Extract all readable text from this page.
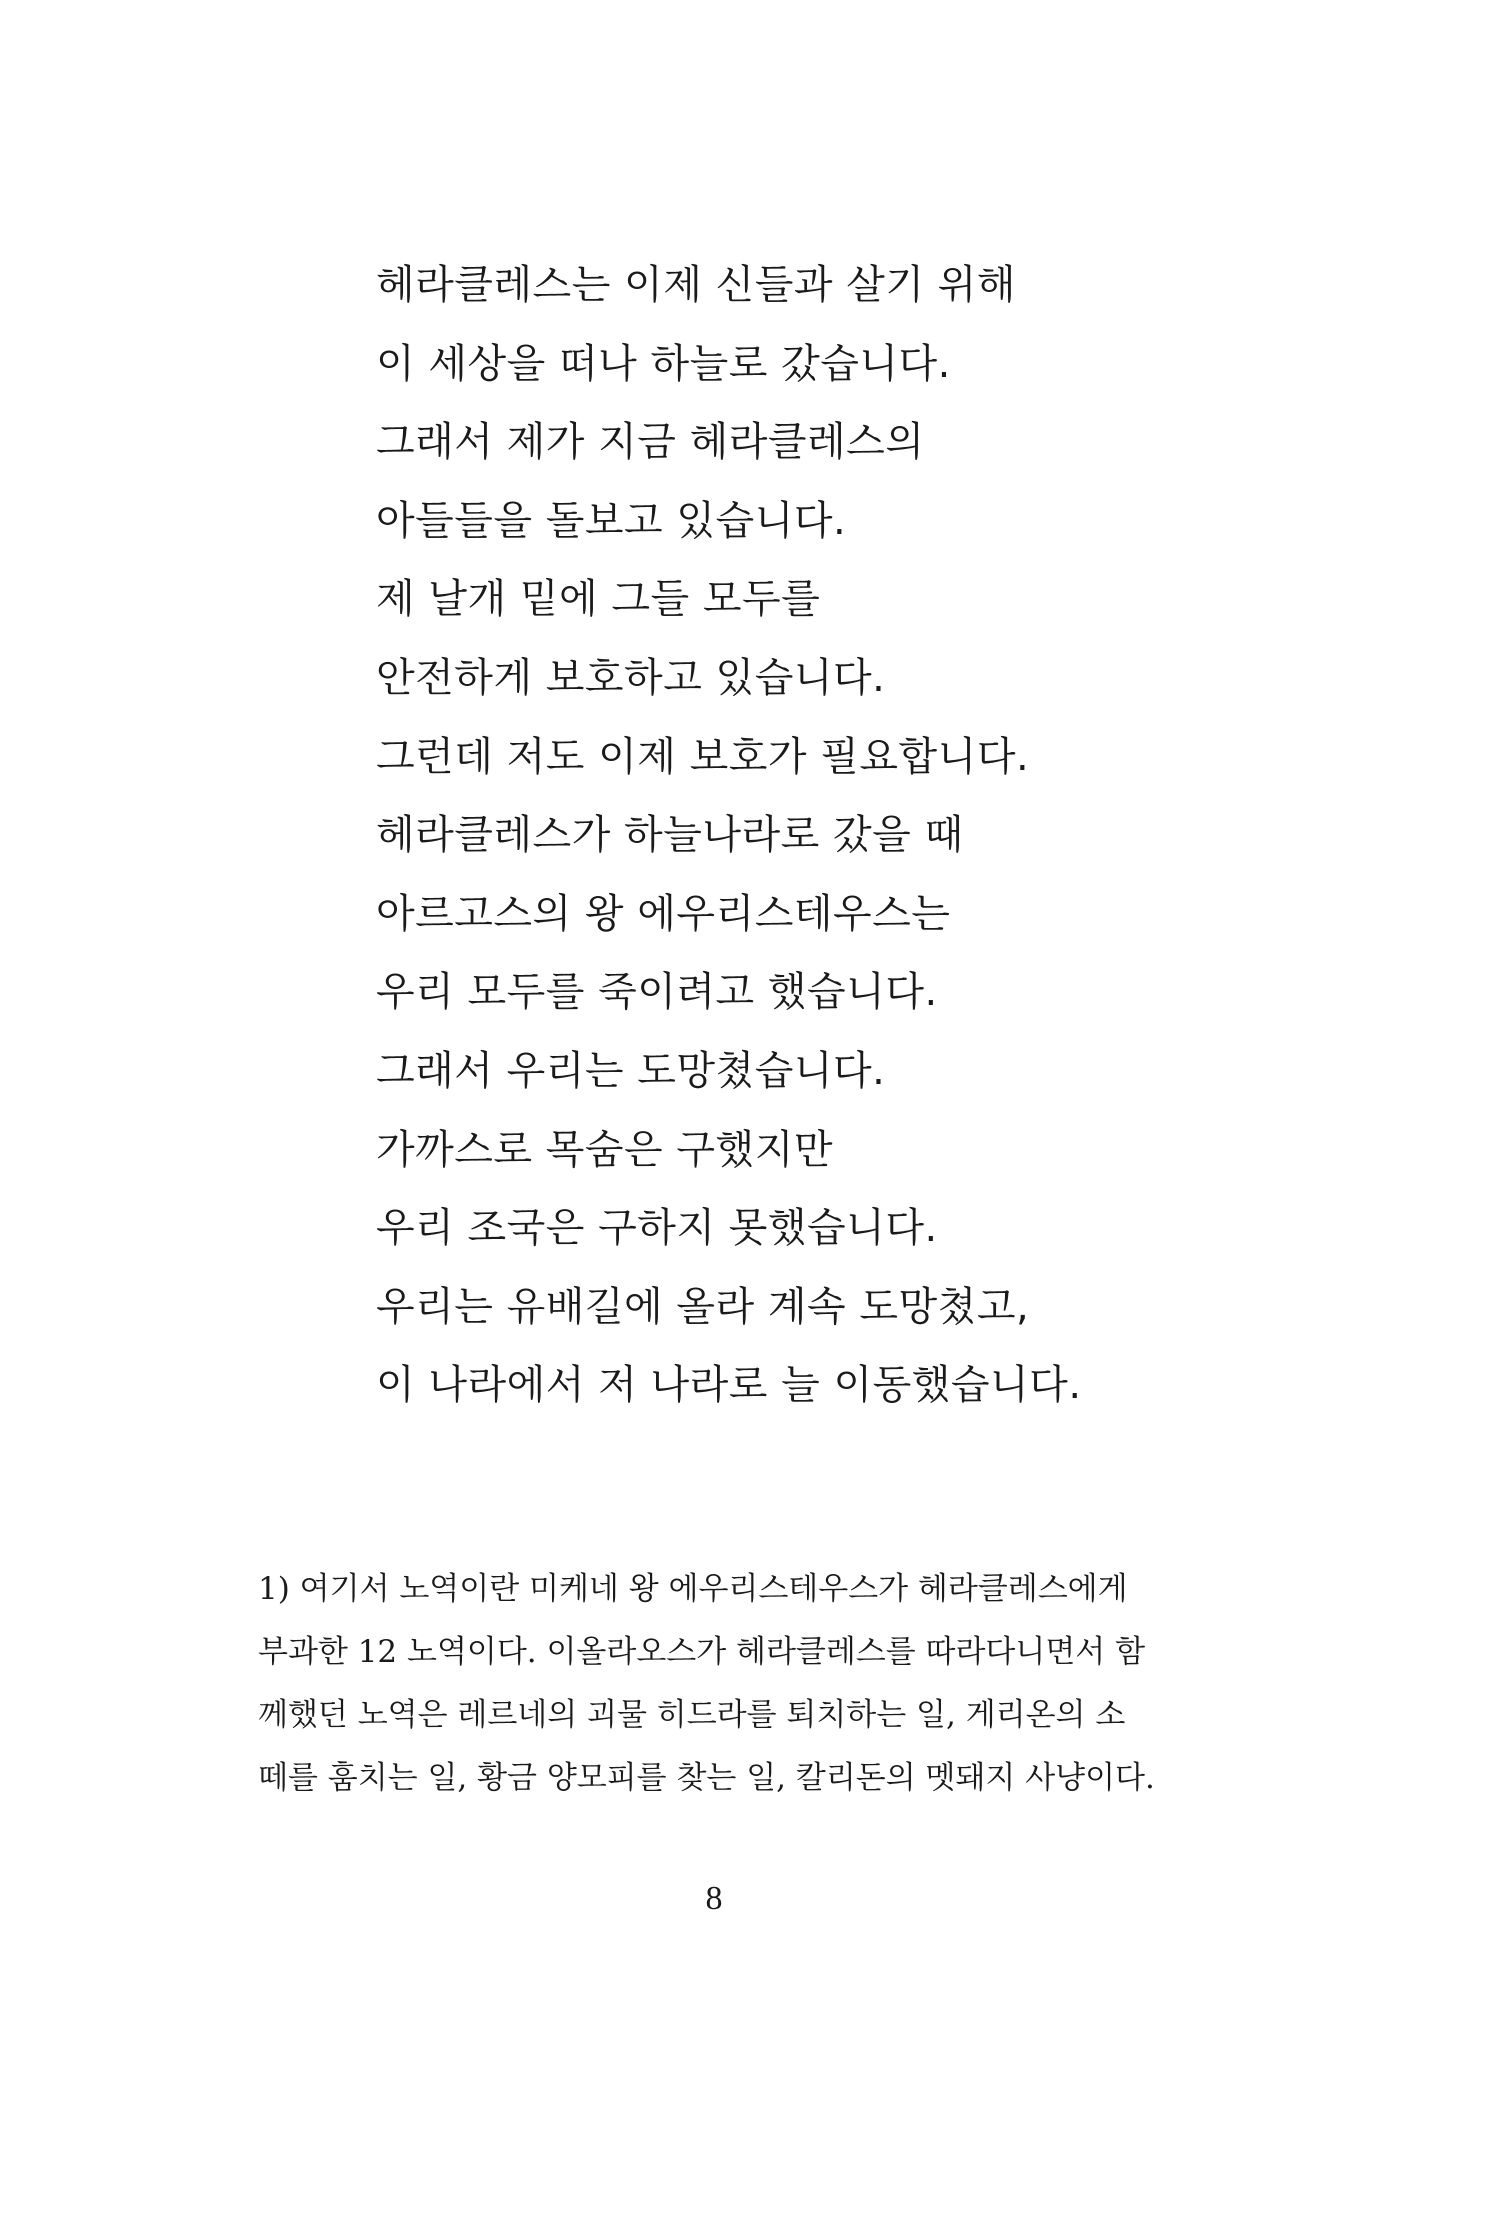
헤라클레스는 이제 신들과 살기 위해
이 세상을 떠나 하늘로 갔습니다.
그래서 제가 지금 헤라클레스의
아들들을 돌보고 있습니다.
제 날개 밑에 그들 모두를
안전하게 보호하고 있습니다.
그런데 저도 이제 보호가 필요합니다.
헤라클레스가 하늘나라로 갔을 때
아르고스의 왕 에우리스테우스는
우리 모두를 죽이려고 했습니다.
그래서 우리는 도망쳤습니다.
가까스로 목숨은 구했지만
우리 조국은 구하지 못했습니다.
우리는 유배길에 올라 계속 도망쳤고,
이 나라에서 저 나라로 늘 이동했습니다.
1) 여기서 노역이란 미케네 왕 에우리스테우스가 헤라클레스에게
부과한 12 노역이다. 이올라오스가 헤라클레스를 따라다니면서 함
께했던 노역은 레르네의 괴물 히드라를 퇴치하는 일, 게리온의 소
떼를 훔치는 일, 황금 양모피를 찾는 일, 칼리돈의 멧돼지 사냥이다.
8
